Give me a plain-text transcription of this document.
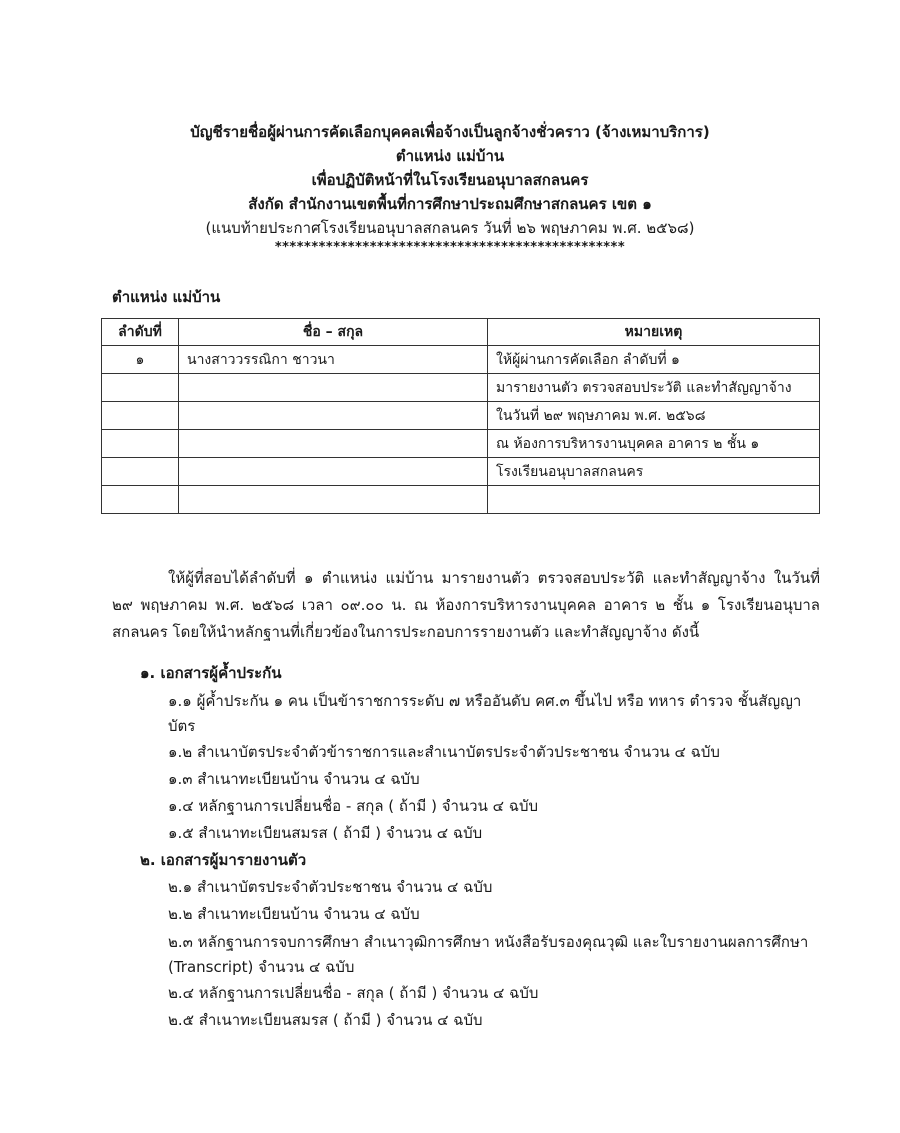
บัญชีรายชื่อผู้ผ่านการคัดเลือกบุคคลเพื่อจ้างเป็นลูกจ้างชั่วคราว (จ้างเหมาบริการ)
ตำแหน่ง แม่บ้าน
เพื่อปฏิบัติหน้าที่ในโรงเรียนอนุบาลสกลนคร
สังกัด สำนักงานเขตพื้นที่การศึกษาประถมศึกษาสกลนคร เขต ๑
(แนบท้ายประกาศโรงเรียนอนุบาลสกลนคร วันที่ ๒๖ พฤษภาคม พ.ศ. ๒๕๖๘)
************************************************
ตำแหน่ง แม่บ้าน
ลำดับที่	ชื่อ – สกุล	หมายเหตุ
๑	นางสาววรรณิกา ชาวนา	ให้ผู้ผ่านการคัดเลือก ลำดับที่ ๑
		มารายงานตัว ตรวจสอบประวัติ และทำสัญญาจ้าง
		ในวันที่ ๒๙ พฤษภาคม พ.ศ. ๒๕๖๘
		ณ ห้องการบริหารงานบุคคล อาคาร ๒ ชั้น ๑
		โรงเรียนอนุบาลสกลนคร

ให้ผู้ที่สอบได้ลำดับที่ ๑ ตำแหน่ง แม่บ้าน มารายงานตัว ตรวจสอบประวัติ และทำสัญญาจ้าง ในวันที่ ๒๙ พฤษภาคม พ.ศ. ๒๕๖๘ เวลา ๐๙.๐๐ น. ณ ห้องการบริหารงานบุคคล อาคาร ๒ ชั้น ๑ โรงเรียนอนุบาลสกลนคร โดยให้นำหลักฐานที่เกี่ยวข้องในการประกอบการรายงานตัว และทำสัญญาจ้าง ดังนี้
๑. เอกสารผู้ค้ำประกัน
๑.๑ ผู้ค้ำประกัน ๑ คน เป็นข้าราชการระดับ ๗ หรืออันดับ คศ.๓ ขึ้นไป หรือ ทหาร ตำรวจ ชั้นสัญญาบัตร
๑.๒ สำเนาบัตรประจำตัวข้าราชการและสำเนาบัตรประจำตัวประชาชน จำนวน ๔ ฉบับ
๑.๓ สำเนาทะเบียนบ้าน จำนวน ๔ ฉบับ
๑.๔ หลักฐานการเปลี่ยนชื่อ - สกุล ( ถ้ามี ) จำนวน ๔ ฉบับ
๑.๕ สำเนาทะเบียนสมรส ( ถ้ามี ) จำนวน ๔ ฉบับ
๒. เอกสารผู้มารายงานตัว
๒.๑ สำเนาบัตรประจำตัวประชาชน จำนวน ๔ ฉบับ
๒.๒ สำเนาทะเบียนบ้าน จำนวน ๔ ฉบับ
๒.๓ หลักฐานการจบการศึกษา สำเนาวุฒิการศึกษา หนังสือรับรองคุณวุฒิ และใบรายงานผลการศึกษา (Transcript) จำนวน ๔ ฉบับ
๒.๔ หลักฐานการเปลี่ยนชื่อ - สกุล ( ถ้ามี ) จำนวน ๔ ฉบับ
๒.๕ สำเนาทะเบียนสมรส ( ถ้ามี ) จำนวน ๔ ฉบับ
